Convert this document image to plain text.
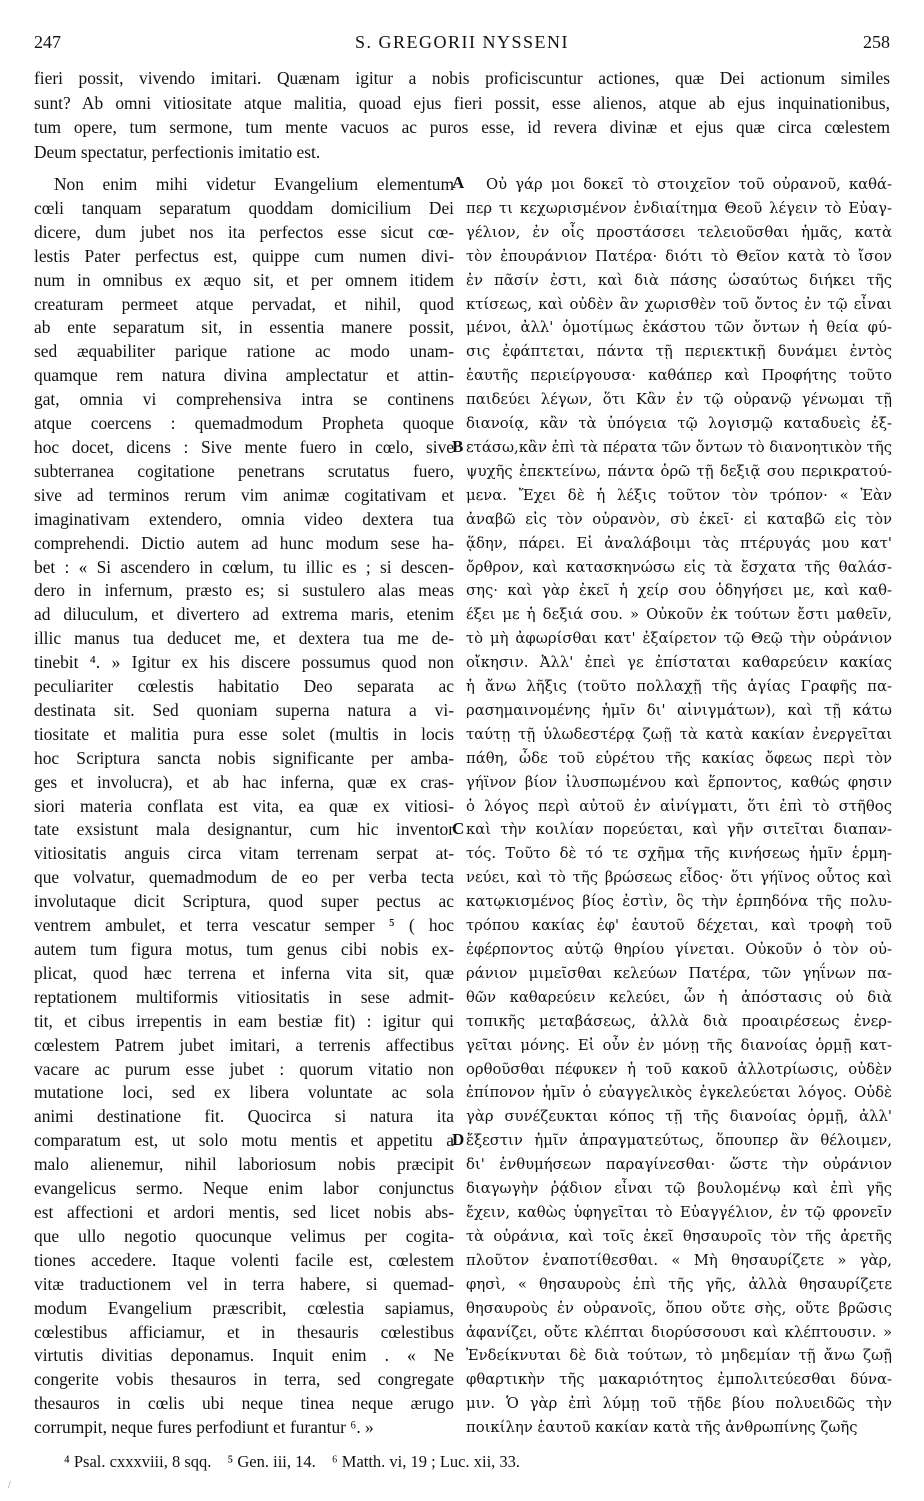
247	S. GREGORII NYSSENI	258
fieri possit, vivendo imitari. Quænam igitur a nobis proficiscuntur actiones, quæ Dei actionum similes
sunt? Ab omni vitiositate atque malitia, quoad ejus fieri possit, esse alienos, atque ab ejus inquinationibus,
tum opere, tum sermone, tum mente vacuos ac puros esse, id revera divinæ et ejus quæ circa cœlestem
Deum spectatur, perfectionis imitatio est.
Non enim mihi videtur Evangelium elementum
cœli tanquam separatum quoddam domicilium Dei
dicere, dum jubet nos ita perfectos esse sicut cœ-
lestis Pater perfectus est, quippe cum numen divi-
num in omnibus ex æquo sit, et per omnem itidem
creaturam permeet atque pervadat, et nihil, quod
ab ente separatum sit, in essentia manere possit,
sed æquabiliter parique ratione ac modo unam-
quamque rem natura divina amplectatur et attin-
gat, omnia vi comprehensiva intra se continens
atque coercens : quemadmodum Propheta quoque
hoc docet, dicens : Sive mente fuero in cœlo, sive
subterranea cogitatione penetrans scrutatus fuero,
sive ad terminos rerum vim animæ cogitativam et
imaginativam extendero, omnia video dextera tua
comprehendi. Dictio autem ad hunc modum sese ha-
bet : « Si ascendero in cœlum, tu illic es ; si descen-
dero in infernum, præsto es; si sustulero alas meas
ad diluculum, et divertero ad extrema maris, etenim
illic manus tua deducet me, et dextera tua me de-
tinebit ⁴. » Igitur ex his discere possumus quod non
peculiariter cœlestis habitatio Deo separata ac
destinata sit. Sed quoniam superna natura a vi-
tiositate et malitia pura esse solet (multis in locis
hoc Scriptura sancta nobis significante per amba-
ges et involucra), et ab hac inferna, quæ ex cras-
siori materia conflata est vita, ea quæ ex vitiosi-
tate exsistunt mala designantur, cum hic inventor
vitiositatis anguis circa vitam terrenam serpat at-
que volvatur, quemadmodum de eo per verba tecta
involutaque dicit Scriptura, quod super pectus ac
ventrem ambulet, et terra vescatur semper ⁵ ( hoc
autem tum figura motus, tum genus cibi nobis ex-
plicat, quod hæc terrena et inferna vita sit, quæ
reptationem multiformis vitiositatis in sese admit-
tit, et cibus irrepentis in eam bestiæ fit) : igitur qui
cœlestem Patrem jubet imitari, a terrenis affectibus
vacare ac purum esse jubet : quorum vitatio non
mutatione loci, sed ex libera voluntate ac sola
animi destinatione fit. Quocirca si natura ita
comparatum est, ut solo motu mentis et appetitu a
malo alienemur, nihil laboriosum nobis præcipit
evangelicus sermo. Neque enim labor conjunctus
est affectioni et ardori mentis, sed licet nobis abs-
que ullo negotio quocunque velimus per cogita-
tiones accedere. Itaque volenti facile est, cœlestem
vitæ traductionem vel in terra habere, si quemad-
modum Evangelium præscribit, cœlestia sapiamus,
cœlestibus afficiamur, et in thesauris cœlestibus
virtutis divitias deponamus. Inquit enim . « Ne
congerite vobis thesauros in terra, sed congregate
thesauros in cœlis ubi neque tinea neque ærugo
corrumpit, neque fures perfodiunt et furantur ⁶. »
Οὐ γάρ μοι δοκεῖ τὸ στοιχεῖον τοῦ οὐρανοῦ, καθά-
περ τι κεχωρισμένον ἐνδιαίτημα Θεοῦ λέγειν τὸ Εὐαγ-
γέλιον, ἐν οἷς προστάσσει τελειοῦσθαι ἡμᾶς, κατὰ
τὸν ἐπουράνιον Πατέρα· διότι τὸ Θεῖον κατὰ τὸ ἴσον
ἐν πᾶσίν ἐστι, καὶ διὰ πάσης ὡσαύτως διήκει τῆς
κτίσεως, καὶ οὐδὲν ἂν χωρισθὲν τοῦ ὄντος ἐν τῷ εἶναι
μένοι, ἀλλ' ὁμοτίμως ἑκάστου τῶν ὄντων ἡ θεία φύ-
σις ἐφάπτεται, πάντα τῇ περιεκτικῇ δυνάμει ἐντὸς
ἑαυτῆς περιείργουσα· καθάπερ καὶ Προφήτης τοῦτο
παιδεύει λέγων, ὅτι Κἂν ἐν τῷ οὐρανῷ γένωμαι τῇ
διανοίᾳ, κἂν τὰ ὑπόγεια τῷ λογισμῷ καταδυεὶς ἐξ-
ετάσω,κἂν ἐπὶ τὰ πέρατα τῶν ὄντων τὸ διανοητικὸν τῆς
ψυχῆς ἐπεκτείνω, πάντα ὁρῶ τῇ δεξιᾷ σου περικρατού-
μενα. Ἔχει δὲ ἡ λέξις τοῦτον τὸν τρόπον· « Ἐὰν
ἀναβῶ εἰς τὸν οὐρανὸν, σὺ ἐκεῖ· εἰ καταβῶ εἰς τὸν
ᾅδην, πάρει. Εἰ ἀναλάβοιμι τὰς πτέρυγάς μου κατ'
ὄρθρον, καὶ κατασκηνώσω εἰς τὰ ἔσχατα τῆς θαλάσ-
σης· καὶ γὰρ ἐκεῖ ἡ χείρ σου ὁδηγήσει με, καὶ καθ-
έξει με ἡ δεξιά σου. » Οὐκοῦν ἐκ τούτων ἔστι μαθεῖν,
τὸ μὴ ἀφωρίσθαι κατ' ἐξαίρετον τῷ Θεῷ τὴν οὐράνιον
οἴκησιν. Ἀλλ' ἐπεὶ γε ἐπίσταται καθαρεύειν κακίας
ἡ ἄνω λῆξις (τοῦτο πολλαχῇ τῆς ἁγίας Γραφῆς πα-
ρασημαινομένης ἡμῖν δι' αἰνιγμάτων), καὶ τῇ κάτω
ταύτῃ τῇ ὑλωδεστέρᾳ ζωῇ τὰ κατὰ κακίαν ἐνεργεῖται
πάθη, ὧδε τοῦ εὑρέτου τῆς κακίας ὄφεως περὶ τὸν
γήϊνον βίον ἰλυσπωμένου καὶ ἕρποντος, καθώς φησιν
ὁ λόγος περὶ αὐτοῦ ἐν αἰνίγματι, ὅτι ἐπὶ τὸ στῆθος
καὶ τὴν κοιλίαν πορεύεται, καὶ γῆν σιτεῖται διαπαν-
τός. Τοῦτο δὲ τό τε σχῆμα τῆς κινήσεως ἡμῖν ἑρμη-
νεύει, καὶ τὸ τῆς βρώσεως εἶδος· ὅτι γήϊνος οὗτος καὶ
κατῳκισμένος βίος ἐστὶν, ὃς τὴν ἑρπηδόνα τῆς πολυ-
τρόπου κακίας ἐφ' ἑαυτοῦ δέχεται, καὶ τροφὴ τοῦ
ἐφέρποντος αὐτῷ θηρίου γίνεται. Οὐκοῦν ὁ τὸν οὐ-
ράνιον μιμεῖσθαι κελεύων Πατέρα, τῶν γηΐνων πα-
θῶν καθαρεύειν κελεύει, ὧν ἡ ἀπόστασις οὐ διὰ
τοπικῆς μεταβάσεως, ἀλλὰ διὰ προαιρέσεως ἐνερ-
γεῖται μόνης. Εἰ οὖν ἐν μόνῃ τῆς διανοίας ὁρμῇ κατ-
ορθοῦσθαι πέφυκεν ἡ τοῦ κακοῦ ἀλλοτρίωσις, οὐδὲν
ἐπίπονον ἡμῖν ὁ εὐαγγελικὸς ἐγκελεύεται λόγος. Οὐδὲ
γὰρ συνέζευκται κόπος τῇ τῆς διανοίας ὁρμῇ, ἀλλ'
ἔξεστιν ἡμῖν ἀπραγματεύτως, ὅπουπερ ἂν θέλοιμεν,
δι' ἐνθυμήσεων παραγίνεσθαι· ὥστε τὴν οὐράνιον
διαγωγὴν ῥᾴδιον εἶναι τῷ βουλομένῳ καὶ ἐπὶ γῆς
ἔχειν, καθὼς ὑφηγεῖται τὸ Εὐαγγέλιον, ἐν τῷ φρονεῖν
τὰ οὐράνια, καὶ τοῖς ἐκεῖ θησαυροῖς τὸν τῆς ἀρετῆς
πλοῦτον ἐναποτίθεσθαι. « Μὴ θησαυρίζετε » γὰρ,
φησὶ, « θησαυροὺς ἐπὶ τῆς γῆς, ἀλλὰ θησαυρίζετε
θησαυροὺς ἐν οὐρανοῖς, ὅπου οὔτε σὴς, οὔτε βρῶσις
ἀφανίζει, οὔτε κλέπται διορύσσουσι καὶ κλέπτουσιν. »
Ἐνδείκνυται δὲ διὰ τούτων, τὸ μηδεμίαν τῇ ἄνω ζωῇ
φθαρτικὴν τῆς μακαριότητος ἐμπολιτεύεσθαι δύνα-
μιν. Ὁ γὰρ ἐπὶ λύμῃ τοῦ τῇδε βίου πολυειδῶς τὴν
ποικίλην ἑαυτοῦ κακίαν κατὰ τῆς ἀνθρωπίνης ζωῆς
A
B
C
D
⁴ Psal. cxxxviii, 8 sqq. ⁵ Gen. iii, 14. ⁶ Matth. vi, 19 ; Luc. xii, 33.
/
